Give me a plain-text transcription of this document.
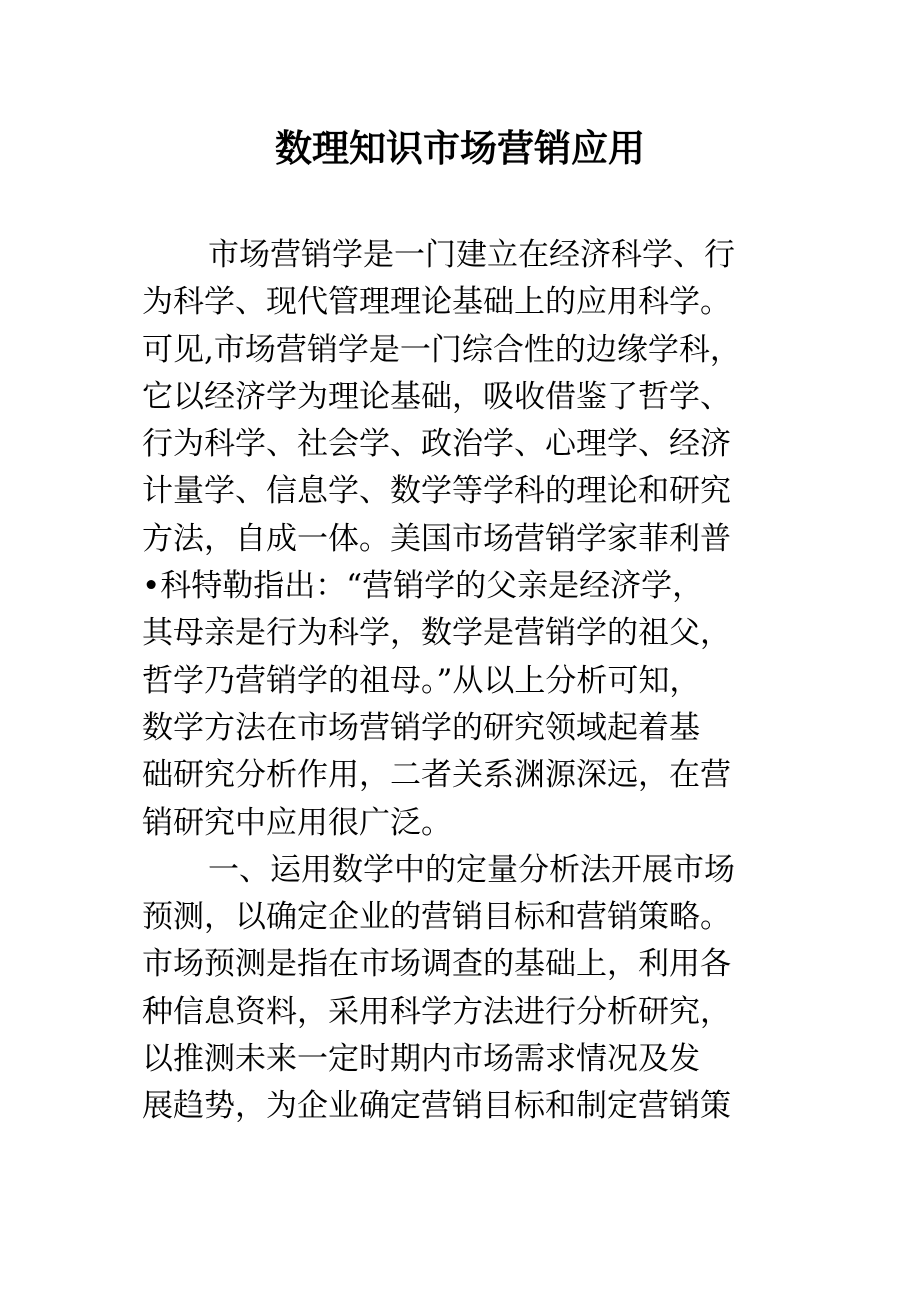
数理知识市场营销应用
市场营销学是一门建立在经济科学、行
为科学、现代管理理论基础上的应用科学。
可见,市场营销学是一门综合性的边缘学科，
它以经济学为理论基础，吸收借鉴了哲学、
行为科学、社会学、政治学、心理学、经济
计量学、信息学、数学等学科的理论和研究
方法，自成一体。美国市场营销学家菲利普
•科特勒指出：“营销学的父亲是经济学，
其母亲是行为科学，数学是营销学的祖父，
哲学乃营销学的祖母。”从以上分析可知，
数学方法在市场营销学的研究领域起着基
础研究分析作用，二者关系渊源深远，在营
销研究中应用很广泛。
一、运用数学中的定量分析法开展市场
预测，以确定企业的营销目标和营销策略。
市场预测是指在市场调查的基础上，利用各
种信息资料，采用科学方法进行分析研究，
以推测未来一定时期内市场需求情况及发
展趋势，为企业确定营销目标和制定营销策
